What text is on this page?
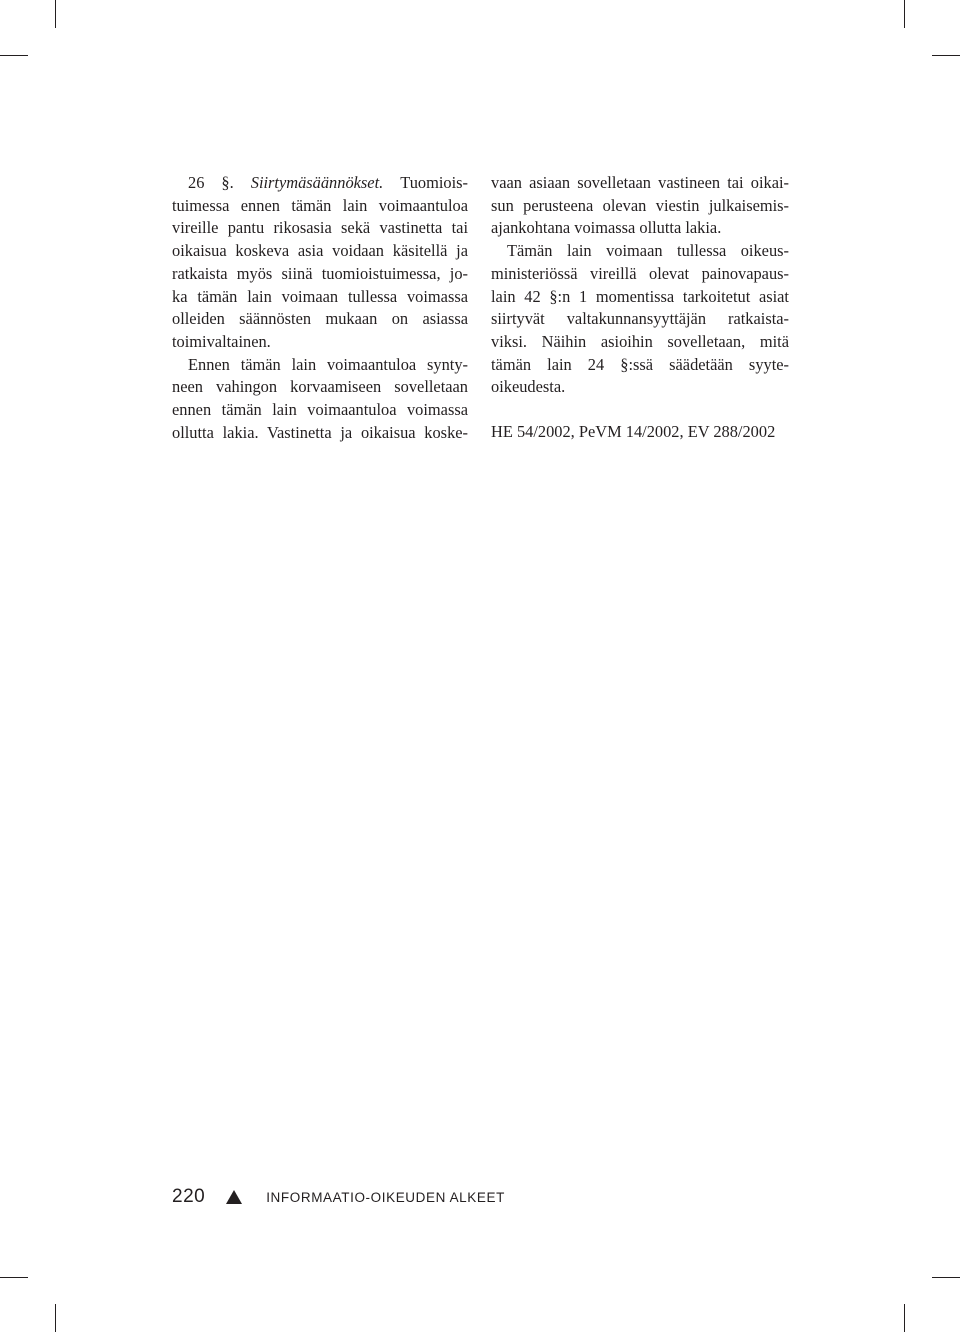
26 §. Siirtymäsäännökset. Tuomiois-
tuimessa ennen tämän lain voimaantuloa
vireille pantu rikosasia sekä vastinetta tai
oikaisua koskeva asia voidaan käsitellä ja
ratkaista myös siinä tuomioistuimessa, jo-
ka tämän lain voimaan tullessa voimassa
olleiden säännösten mukaan on asiassa
toimivaltainen.
Ennen tämän lain voimaantuloa synty-
neen vahingon korvaamiseen sovelletaan
ennen tämän lain voimaantuloa voimassa
ollutta lakia. Vastinetta ja oikaisua koske-
vaan asiaan sovelletaan vastineen tai oikai-
sun perusteena olevan viestin julkaisemis-
ajankohtana voimassa ollutta lakia.
Tämän lain voimaan tullessa oikeus-
ministeriössä vireillä olevat painovapaus-
lain 42 §:n 1 momentissa tarkoitetut asiat
siirtyvät valtakunnansyyttäjän ratkaista-
viksi. Näihin asioihin sovelletaan, mitä
tämän lain 24 §:ssä säädetään syyte-
oikeudesta.
HE 54/2002, PeVM 14/2002, EV 288/2002
220	INFORMAATIO-OIKEUDEN ALKEET
